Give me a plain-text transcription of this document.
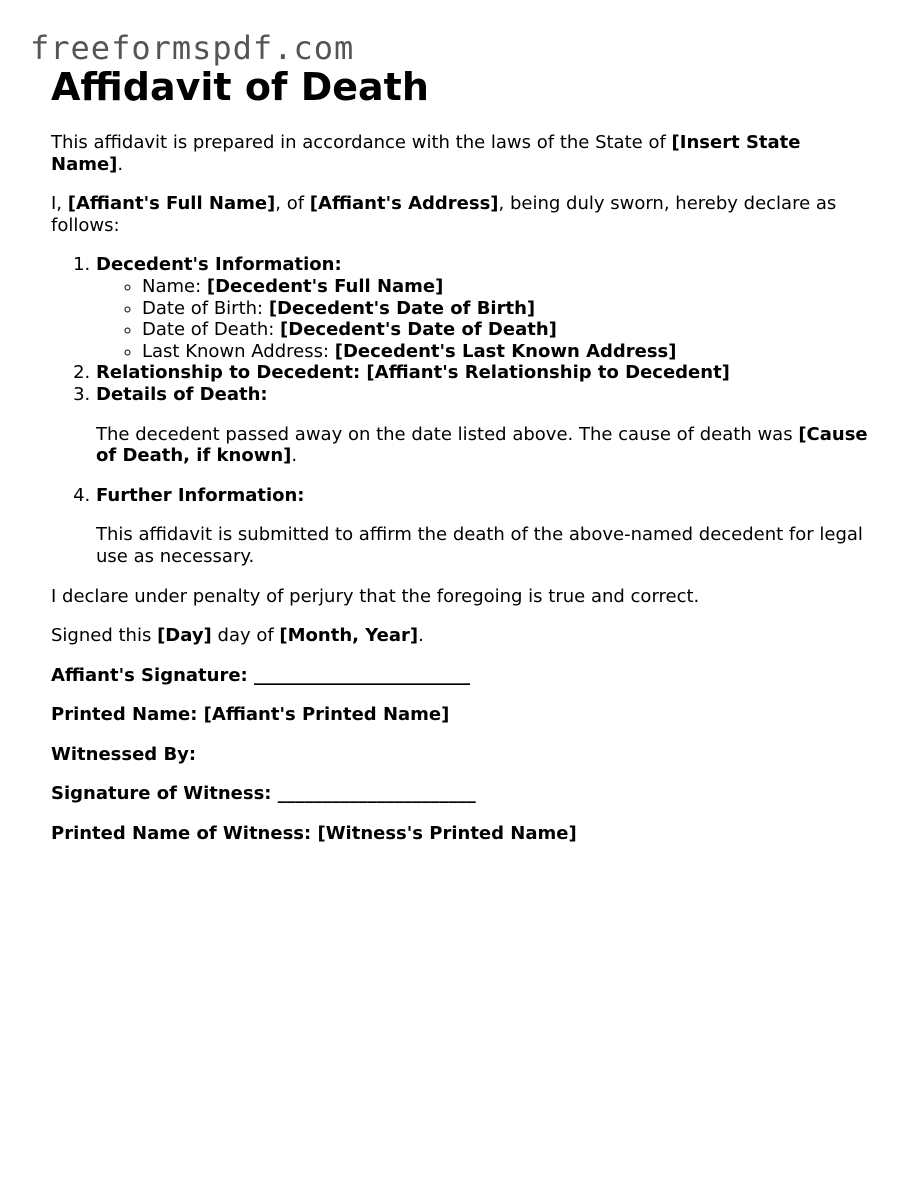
freeformspdf.com
Affidavit of Death

This affidavit is prepared in accordance with the laws of the State of [Insert State Name].

I, [Affiant's Full Name], of [Affiant's Address], being duly sworn, hereby declare as follows:

1. Decedent's Information:
◦ Name: [Decedent's Full Name]
◦ Date of Birth: [Decedent's Date of Birth]
◦ Date of Death: [Decedent's Date of Death]
◦ Last Known Address: [Decedent's Last Known Address]
2. Relationship to Decedent: [Affiant's Relationship to Decedent]
3. Details of Death:

The decedent passed away on the date listed above. The cause of death was [Cause of Death, if known].

4. Further Information:

This affidavit is submitted to affirm the death of the above-named decedent for legal use as necessary.

I declare under penalty of perjury that the foregoing is true and correct.

Signed this [Day] day of [Month, Year].

Affiant's Signature: ________________________

Printed Name: [Affiant's Printed Name]

Witnessed By:

Signature of Witness: ______________________

Printed Name of Witness: [Witness's Printed Name]
